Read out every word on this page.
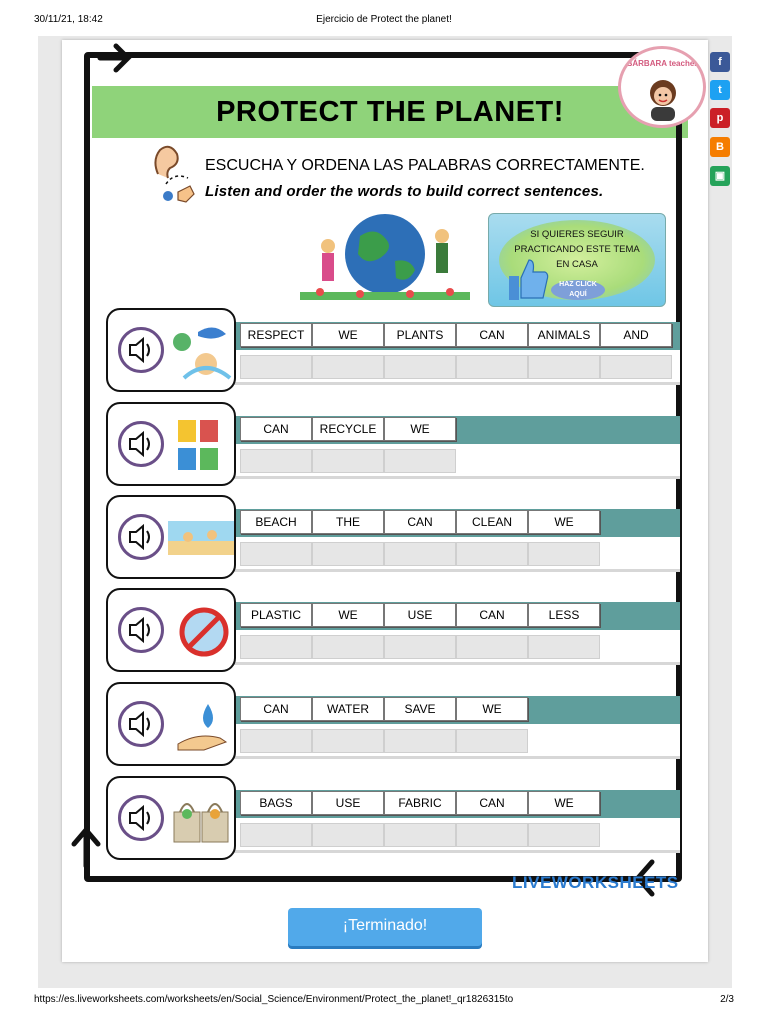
30/11/21, 18:42	Ejercicio de Protect the planet!
PROTECT THE PLANET!
BÁRBARA teacher	f
t
p
B
▣
ESCUCHA Y ORDENA LAS PALABRAS CORRECTAMENTE.
Listen and order the words to build correct sentences.
SI QUIERES SEGUIR PRACTICANDO ESTE TEMA EN CASA
HAZ CLICK AQUÍ
RESPECT	WE	PLANTS	CAN	ANIMALS	AND
CAN	RECYCLE	WE
BEACH	THE	CAN	CLEAN	WE
PLASTIC	WE	USE	CAN	LESS
CAN	WATER	SAVE	WE
BAGS	USE	FABRIC	CAN	WE
LIVEWORKSHEETS
¡Terminado!
https://es.liveworksheets.com/worksheets/en/Social_Science/Environment/Protect_the_planet!_qr1826315to	2/3
